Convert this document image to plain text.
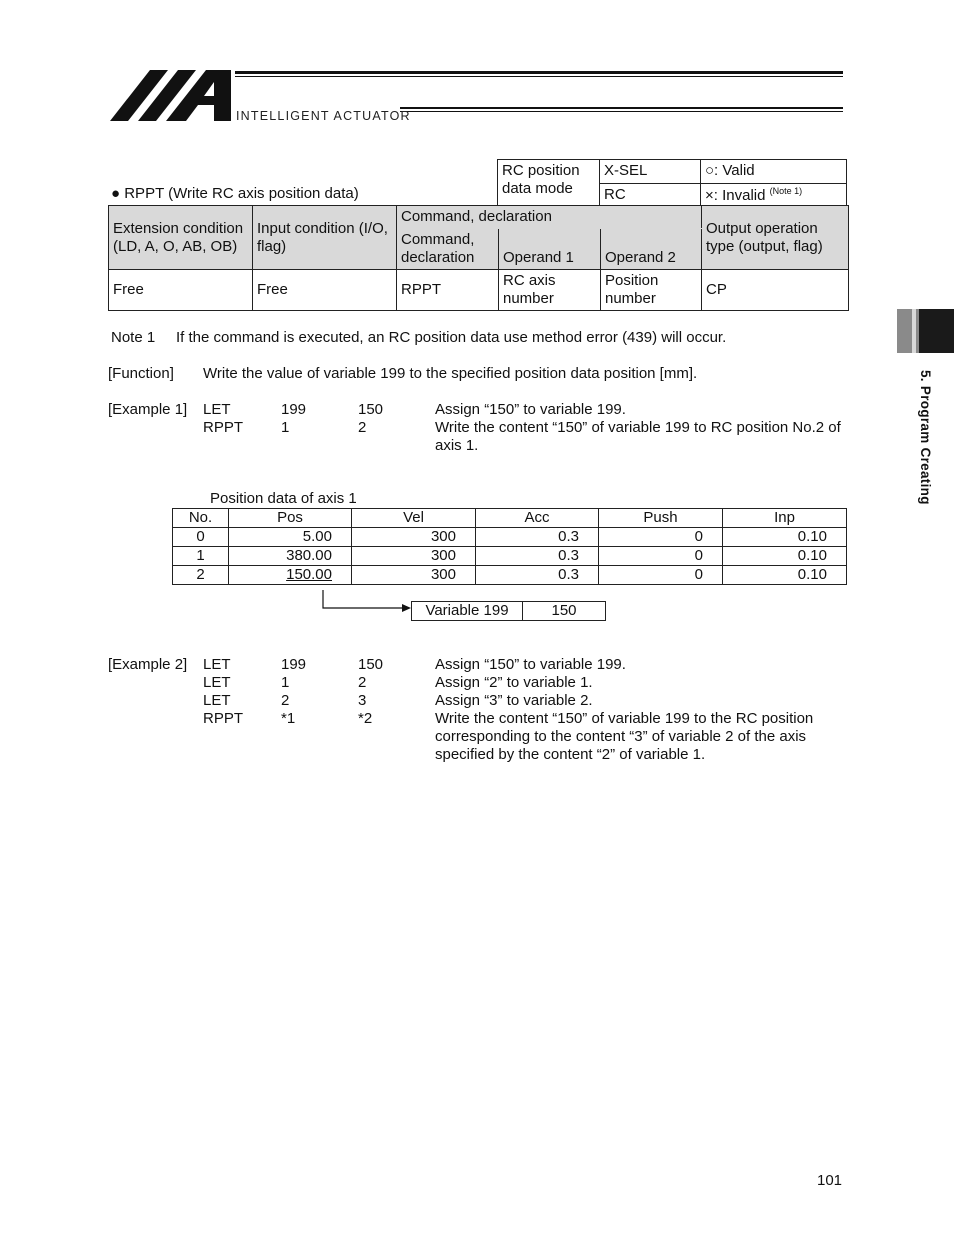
INTELLIGENT ACTUATOR
5. Program Creating
RC position data mode	X-SEL	○: Valid
	RC	×: Invalid $^{(Note 1)}$
● RPPT (Write RC axis position data)
Extension condition (LD, A, O, AB, OB)	Input condition (I/O, flag)	Command, declaration			Output operation type (output, flag)
		Command, declaration	Operand 1	Operand 2	
Free	Free	RPPT	RC axis number	Position number	CP
Note 1 If the command is executed, an RC position data use method error (439) will occur.
[Function] Write the value of variable 199 to the specified position data position [mm].
[Example 1] LET	199	150	Assign “150” to variable 199.
RPPT	1	2	Write the content “150” of variable 199 to RC position No.2 of axis 1.
Position data of axis 1
No.	Pos	Vel	Acc	Push	Inp
0	5.00	300	0.3	0	0.10
1	380.00	300	0.3	0	0.10
2	150.00	300	0.3	0	0.10
Variable 199	150
[Example 2] LET	199	150	Assign “150” to variable 199.
LET	1	2	Assign “2” to variable 1.
LET	2	3	Assign “3” to variable 2.
RPPT	*1	*2	Write the content “150” of variable 199 to the RC position corresponding to the content “3” of variable 2 of the axis specified by the content “2” of variable 1.
101
